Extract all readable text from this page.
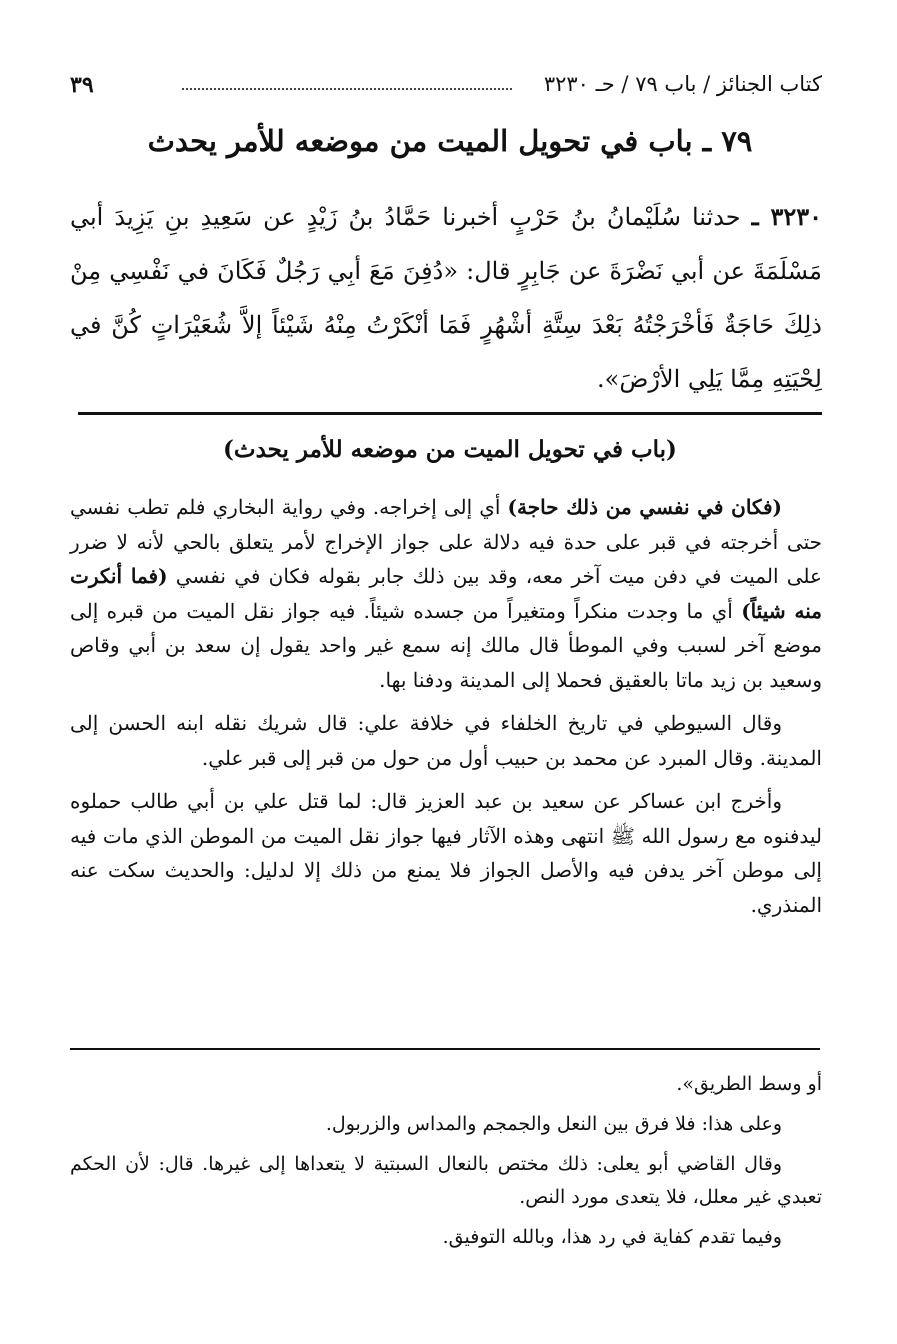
٣٩	كتاب الجنائز / باب ٧٩ / حـ ٣٢٣٠
٧٩ ـ باب في تحويل الميت من موضعه للأمر يحدث
٣٢٣٠ ـ حدثنا سُلَيْمانُ بنُ حَرْبٍ أخبرنا حَمَّادُ بنُ زَيْدٍ عن سَعِيدِ بنِ يَزِيدَ أبي مَسْلَمَةَ عن أبي نَضْرَةَ عن جَابِرٍ قال: «دُفِنَ مَعَ أبِي رَجُلٌ فَكَانَ في نَفْسِي مِنْ ذلِكَ حَاجَةٌ فَأخْرَجْتُهُ بَعْدَ سِتَّةِ أشْهُرٍ فَمَا أنْكَرْتُ مِنْهُ شَيْئاً إلاَّ شُعَيْرَاتٍ كُنَّ في لِحْيَتِهِ مِمَّا يَلِي الأرْضَ».
(باب في تحويل الميت من موضعه للأمر يحدث)

(فكان في نفسي من ذلك حاجة) أي إلى إخراجه. وفي رواية البخاري فلم تطب نفسي حتى أخرجته في قبر على حدة فيه دلالة على جواز الإخراج لأمر يتعلق بالحي لأنه لا ضرر على الميت في دفن ميت آخر معه، وقد بين ذلك جابر بقوله فكان في نفسي (فما أنكرت منه شيئاً) أي ما وجدت منكراً ومتغيراً من جسده شيئاً. فيه جواز نقل الميت من قبره إلى موضع آخر لسبب وفي الموطأ قال مالك إنه سمع غير واحد يقول إن سعد بن أبي وقاص وسعيد بن زيد ماتا بالعقيق فحملا إلى المدينة ودفنا بها.

وقال السيوطي في تاريخ الخلفاء في خلافة علي: قال شريك نقله ابنه الحسن إلى المدينة. وقال المبرد عن محمد بن حبيب أول من حول من قبر إلى قبر علي.

وأخرج ابن عساكر عن سعيد بن عبد العزيز قال: لما قتل علي بن أبي طالب حملوه ليدفنوه مع رسول الله ﷺ انتهى وهذه الآثار فيها جواز نقل الميت من الموطن الذي مات فيه إلى موطن آخر يدفن فيه والأصل الجواز فلا يمنع من ذلك إلا لدليل: والحديث سكت عنه المنذري.

أو وسط الطريق».

وعلى هذا: فلا فرق بين النعل والجمجم والمداس والزربول.

وقال القاضي أبو يعلى: ذلك مختص بالنعال السبتية لا يتعداها إلى غيرها. قال: لأن الحكم تعبدي غير معلل، فلا يتعدى مورد النص.

وفيما تقدم كفاية في رد هذا، وبالله التوفيق.
